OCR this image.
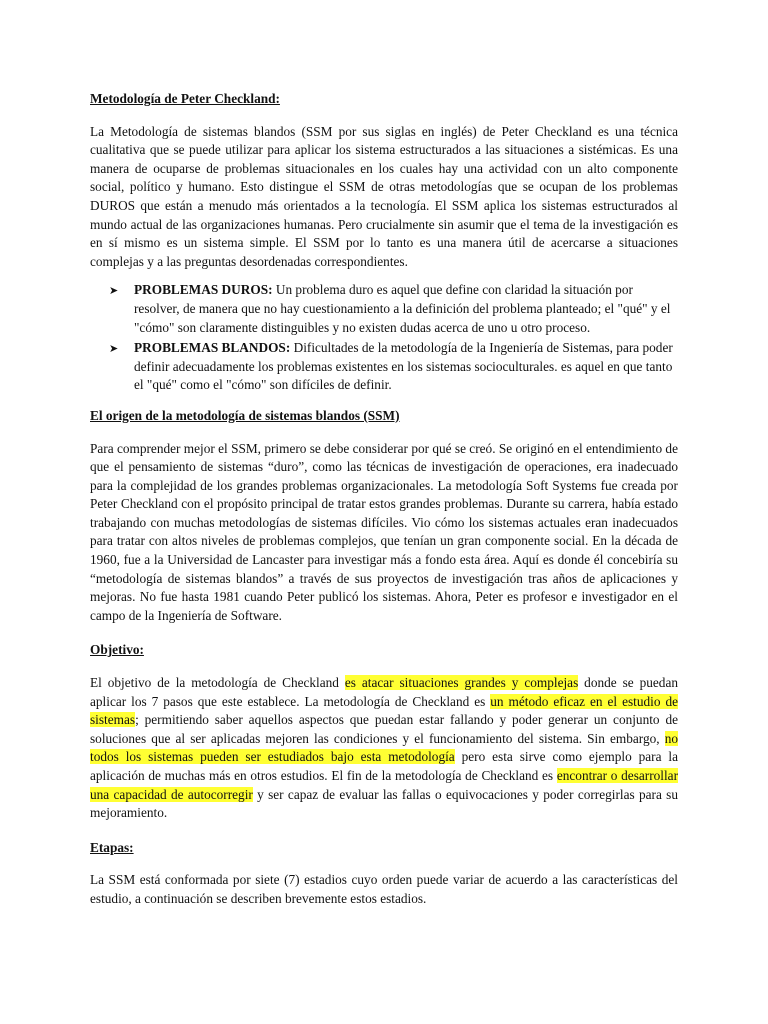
Metodología de Peter Checkland:

La Metodología de sistemas blandos (SSM por sus siglas en inglés) de Peter Checkland es una técnica cualitativa que se puede utilizar para aplicar los sistema estructurados a las situaciones a sistémicas. Es una manera de ocuparse de problemas situacionales en los cuales hay una actividad con un alto componente social, político y humano. Esto distingue el SSM de otras metodologías que se ocupan de los problemas DUROS que están a menudo más orientados a la tecnología. El SSM aplica los sistemas estructurados al mundo actual de las organizaciones humanas. Pero crucialmente sin asumir que el tema de la investigación es en sí mismo es un sistema simple. El SSM por lo tanto es una manera útil de acercarse a situaciones complejas y a las preguntas desordenadas correspondientes.

➤ PROBLEMAS DUROS: Un problema duro es aquel que define con claridad la situación por resolver, de manera que no hay cuestionamiento a la definición del problema planteado; el "qué" y el "cómo" son claramente distinguibles y no existen dudas acerca de uno u otro proceso.
➤ PROBLEMAS BLANDOS: Dificultades de la metodología de la Ingeniería de Sistemas, para poder definir adecuadamente los problemas existentes en los sistemas socioculturales. es aquel en que tanto el "qué" como el "cómo" son difíciles de definir.
El origen de la metodología de sistemas blandos (SSM)

Para comprender mejor el SSM, primero se debe considerar por qué se creó. Se originó en el entendimiento de que el pensamiento de sistemas “duro”, como las técnicas de investigación de operaciones, era inadecuado para la complejidad de los grandes problemas organizacionales. La metodología Soft Systems fue creada por Peter Checkland con el propósito principal de tratar estos grandes problemas. Durante su carrera, había estado trabajando con muchas metodologías de sistemas difíciles. Vio cómo los sistemas actuales eran inadecuados para tratar con altos niveles de problemas complejos, que tenían un gran componente social. En la década de 1960, fue a la Universidad de Lancaster para investigar más a fondo esta área. Aquí es donde él concebiría su “metodología de sistemas blandos” a través de sus proyectos de investigación tras años de aplicaciones y mejoras. No fue hasta 1981 cuando Peter publicó los sistemas. Ahora, Peter es profesor e investigador en el campo de la Ingeniería de Software.

Objetivo:

El objetivo de la metodología de Checkland es atacar situaciones grandes y complejas donde se puedan aplicar los 7 pasos que este establece. La metodología de Checkland es un método eficaz en el estudio de sistemas; permitiendo saber aquellos aspectos que puedan estar fallando y poder generar un conjunto de soluciones que al ser aplicadas mejoren las condiciones y el funcionamiento del sistema. Sin embargo, no todos los sistemas pueden ser estudiados bajo esta metodología pero esta sirve como ejemplo para la aplicación de muchas más en otros estudios. El fin de la metodología de Checkland es encontrar o desarrollar una capacidad de autocorregir y ser capaz de evaluar las fallas o equivocaciones y poder corregirlas para su mejoramiento.

Etapas:

La SSM está conformada por siete (7) estadios cuyo orden puede variar de acuerdo a las características del estudio, a continuación se describen brevemente estos estadios.
